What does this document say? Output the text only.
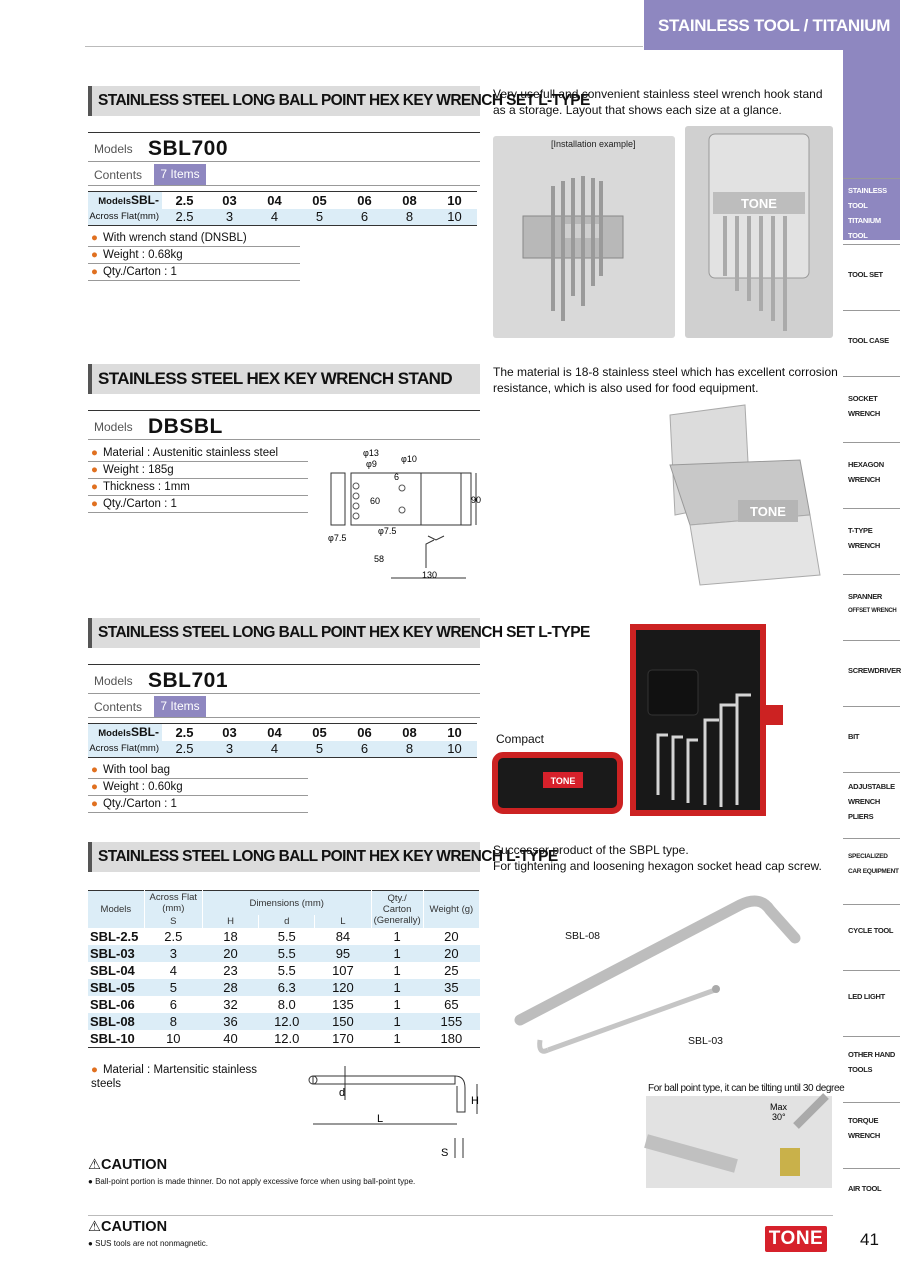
STAINLESS TOOL / TITANIUM TOOL
STAINLESS TOOL
TITANIUM TOOL
TOOL SET
TOOL CASE
SOCKET
WRENCH
HEXAGON
WRENCH
T-TYPE
WRENCH
SPANNER
OFFSET WRENCH
SCREWDRIVER
BIT
ADJUSTABLE
WRENCH
PLIERS
SPECIALIZED
CAR EQUIPMENT
CYCLE TOOL
LED LIGHT
OTHER HAND
TOOLS
TORQUE
WRENCH
AIR TOOL
STAINLESS STEEL LONG BALL POINT HEX KEY WRENCH SET L-TYPE
Models SBL700
Contents	7 Items
ModelsSBL-	2.5	03	04	05	06	08	10
Across Flat(mm)	2.5	3	4	5	6	8	10
● With wrench stand (DNSBL)
● Weight : 0.68kg
● Qty./Carton : 1
Very usefull and convenient stainless steel wrench hook stand as a storage. Layout that shows each size at a glance.
[Installation example]
TONE
STAINLESS STEEL HEX KEY WRENCH STAND
Models DBSBL
● Material : Austenitic stainless steel
● Weight : 185g
● Thickness : 1mm
● Qty./Carton : 1
φ13
φ9	φ10
6
60	90
φ7.5
φ7.5
58
130
The material is 18-8 stainless steel which has excellent corrosion resistance, which is also used for food equipment.
TONE
STAINLESS STEEL LONG BALL POINT HEX KEY WRENCH SET L-TYPE
Models SBL701
Contents	7 Items
ModelsSBL-	2.5	03	04	05	06	08	10
Across Flat(mm)	2.5	3	4	5	6	8	10
● With tool bag
● Weight : 0.60kg
● Qty./Carton : 1
Compact
TONE
STAINLESS STEEL LONG BALL POINT HEX KEY WRENCH L-TYPE
Successor product of the SBPL type.
For tightening and loosening hexagon socket head cap screw.
Models	Across Flat (mm)	Dimensions (mm)			Qty./ Carton (Generally)	Weight (g)
	S	H	d	L		
SBL-2.5	2.5	18	5.5	84	1	20
SBL-03	3	20	5.5	95	1	20
SBL-04	4	23	5.5	107	1	25
SBL-05	5	28	6.3	120	1	35
SBL-06	6	32	8.0	135	1	65
SBL-08	8	36	12.0	150	1	155
SBL-10	10	40	12.0	170	1	180
● Material : Martensitic stainless steels
d
H
L
S
SBL-08
SBL-03
For ball point type, it can be tilting until 30 degree
Max
30°
⚠CAUTION
● Ball-point portion is made thinner. Do not apply excessive force when using ball-point type.
⚠CAUTION
● SUS tools are not nonmagnetic.	TONE 41
